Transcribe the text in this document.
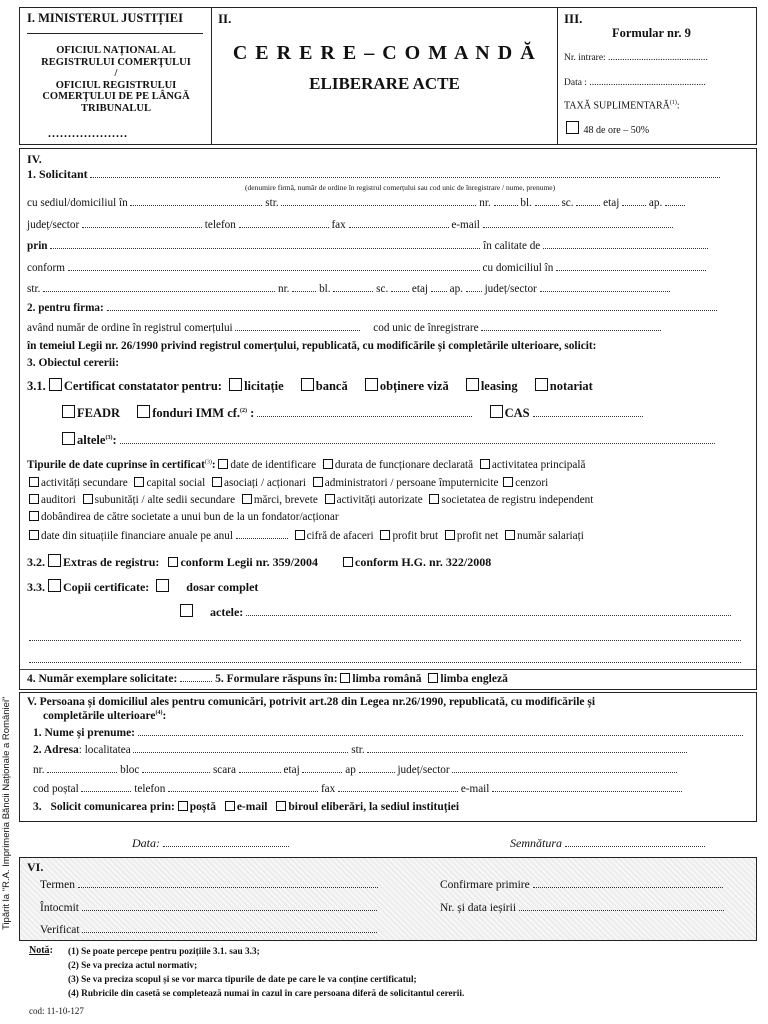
I. MINISTERUL JUSTIȚIEI
OFICIUL NAȚIONAL AL
REGISTRULUI COMERȚULUI
/
OFICIUL REGISTRULUI
COMERȚULUI DE PE LÂNGĂ
TRIBUNALUL
....................
II.
C E R E R E – C O M A N D Ă
ELIBERARE ACTE
III.
Formular nr. 9
Nr. intrare: ..........................................
Data : .................................................
TAXĂ SUPLIMENTARĂ$^{(1)}$:
48 de ore – 50%
IV.
1. Solicitant
(denumire firmă, număr de ordine în registrul comerțului sau cod unic de înregistrare / nume, prenume)
cu sediul/domiciliul în	str.	nr.	bl.	sc.	etaj	ap.
județ/sector	telefon	fax	e-mail
prin	în calitate de
conform	cu domiciliul în
str.	nr.	bl.	sc. etaj ap. județ/sector
2. pentru firma:
având număr de ordine în registrul comerțului	cod unic de înregistrare
în temeiul Legii nr. 26/1990 privind registrul comerțului, republicată, cu modificările și completările ulterioare, solicit:
3. Obiectul cererii:
3.1. Certificat constatator pentru: licitație	bancă	obținere viză	leasing	notariat
FEADR	fonduri IMM cf.$^{(2)}$ :	CAS
altele$^{(3)}$:
Tipurile de date cuprinse în certificat$^{(3)}$: date de identificare durata de funcționare declarată activitatea principală
activități secundare capital social asociați / acționari administratori / persoane împuternicite cenzori
auditori subunități / alte sedii secundare mărci, brevete activități autorizate societatea de registru independent
dobândirea de către societate a unui bun de la un fondator/acționar
date din situațiile financiare anuale pe anul	cifră de afaceri profit brut profit net număr salariați
3.2. Extras de registru: conform Legii nr. 359/2004	conform H.G. nr. 322/2008
3.3. Copii certificate:	dosar complet
actele:
4. Număr exemplare solicitate:	5. Formulare răspuns în: limba română limba engleză
V. Persoana și domiciliul ales pentru comunicări, potrivit art.28 din Legea nr.26/1990, republicată, cu modificările și
completările ulterioare$^{(4)}$:
1. Nume și prenume:
2. Adresa: localitatea	str.
nr.	bloc	scara	etaj	ap	județ/sector
cod poștal	telefon	fax	e-mail
3. Solicit comunicarea prin: poștă e-mail biroul eliberări, la sediul instituției
Data:	Semnătura
VI.
Termen	Confirmare primire
Întocmit	Nr. și data ieșirii
Verificat
Notă: (1) Se poate percepe pentru pozițiile 3.1. sau 3.3;
(2) Se va preciza actul normativ;
(3) Se va preciza scopul și se vor marca tipurile de date pe care le va conține certificatul;
(4) Rubricile din casetă se completează numai în cazul în care persoana diferă de solicitantul cererii.
cod: 11-10-127
Tipărit la "R.A. Imprimeria Băncii Naționale a României"
